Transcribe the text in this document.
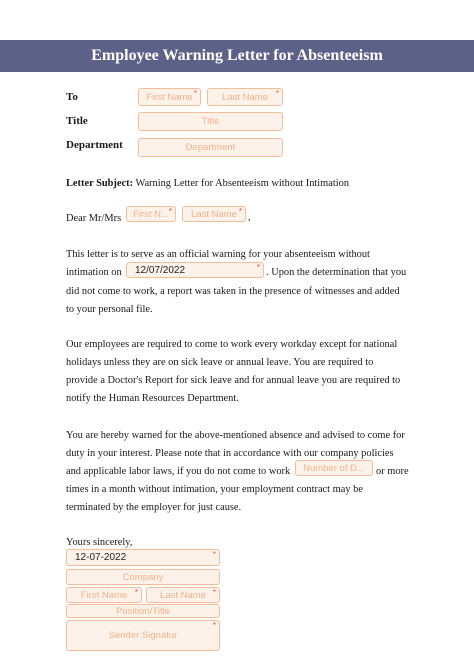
Employee Warning Letter for Absenteeism
To	First Name *	Last Name *
Title	Title
Department	Department
Letter Subject: Warning Letter for Absenteeism without Intimation
Dear Mr/Mrs First N... * Last Name *
,
This letter is to serve as an official warning for your absenteeism without
intimation on 12/07/2022	* . Upon the determination that you
did not come to work, a report was taken in the presence of witnesses and added
to your personal file.
Our employees are required to come to work every workday except for national
holidays unless they are on sick leave or annual leave. You are required to
provide a Doctor's Report for sick leave and for annual leave you are required to
notify the Human Resources Department.
You are hereby warned for the above-mentioned absence and advised to come for
duty in your interest. Please note that in accordance with our company policies
and applicable labor laws, if you do not come to work Number of D... or more
times in a month without intimation, your employment contract may be
terminated by the employer for just cause.
Yours sincerely,
12-07-2022	*
Company
First Name * Last Name *
Position/Title
Sender Signatur
*
